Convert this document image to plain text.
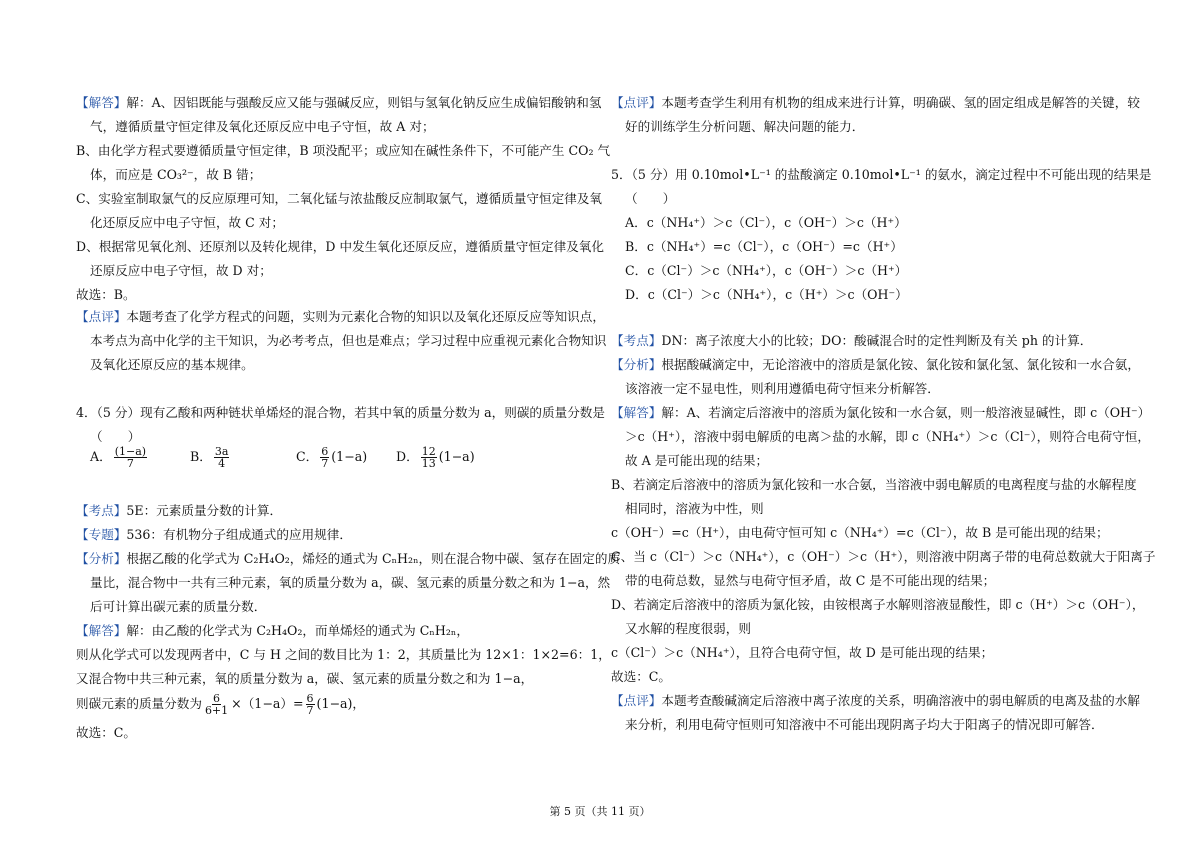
【解答】解：A、因铝既能与强酸反应又能与强碱反应，则铝与氢氧化钠反应生成偏铝酸钠和氢
气，遵循质量守恒定律及氧化还原反应中电子守恒，故 A 对；
B、由化学方程式要遵循质量守恒定律，B 项没配平；或应知在碱性条件下，不可能产生 CO₂ 气
体，而应是 CO₃²⁻，故 B 错；
C、实验室制取氯气的反应原理可知，二氧化锰与浓盐酸反应制取氯气，遵循质量守恒定律及氧
化还原反应中电子守恒，故 C 对；
D、根据常见氧化剂、还原剂以及转化规律，D 中发生氧化还原反应，遵循质量守恒定律及氧化
还原反应中电子守恒，故 D 对；
故选：B。
【点评】本题考查了化学方程式的问题，实则为元素化合物的知识以及氧化还原反应等知识点，
本考点为高中化学的主干知识，为必考考点，但也是难点；学习过程中应重视元素化合物知识
及氧化还原反应的基本规律。
4．（5 分）现有乙酸和两种链状单烯烃的混合物，若其中氧的质量分数为 a，则碳的质量分数是
（　　）
A． $\frac{(1-a)}{7}$	B． $\frac{3a}{4}$	C． $\frac{6}{7} (1-a)$ D． $\frac{12}{13} (1-a)$
【考点】5E：元素质量分数的计算．
【专题】536：有机物分子组成通式的应用规律．
【分析】根据乙酸的化学式为 C₂H₄O₂，烯烃的通式为 CₙH₂ₙ，则在混合物中碳、氢存在固定的质
量比，混合物中一共有三种元素，氧的质量分数为 a，碳、氢元素的质量分数之和为 1−a，然
后可计算出碳元素的质量分数．
【解答】解：由乙酸的化学式为 C₂H₄O₂，而单烯烃的通式为 CₙH₂ₙ，
则从化学式可以发现两者中，C 与 H 之间的数目比为 1：2，其质量比为 12×1：1×2=6：1，
又混合物中共三种元素，氧的质量分数为 a，碳、氢元素的质量分数之和为 1−a，
则碳元素的质量分数为 $\frac{6}{6+1} \times(1-a)= \frac{6}{7} (1-a)$，
故选：C。
【点评】本题考查学生利用有机物的组成来进行计算，明确碳、氢的固定组成是解答的关键，较
好的训练学生分析问题、解决问题的能力．
5．（5 分）用 0.10mol•L⁻¹ 的盐酸滴定 0.10mol•L⁻¹ 的氨水，滴定过程中不可能出现的结果是
（　　）
A．c（NH₄⁺）＞c（Cl⁻），c（OH⁻）＞c（H⁺）
B．c（NH₄⁺）=c（Cl⁻），c（OH⁻）=c（H⁺）
C．c（Cl⁻）＞c（NH₄⁺），c（OH⁻）＞c（H⁺）
D．c（Cl⁻）＞c（NH₄⁺），c（H⁺）＞c（OH⁻）
【考点】DN：离子浓度大小的比较；DO：酸碱混合时的定性判断及有关 ph 的计算．
【分析】根据酸碱滴定中，无论溶液中的溶质是氯化铵、氯化铵和氯化氢、氯化铵和一水合氨，
该溶液一定不显电性，则利用遵循电荷守恒来分析解答．
【解答】解：A、若滴定后溶液中的溶质为氯化铵和一水合氨，则一般溶液显碱性，即 c（OH⁻）
＞c（H⁺），溶液中弱电解质的电离＞盐的水解，即 c（NH₄⁺）＞c（Cl⁻），则符合电荷守恒，
故 A 是可能出现的结果；
B、若滴定后溶液中的溶质为氯化铵和一水合氨，当溶液中弱电解质的电离程度与盐的水解程度
相同时，溶液为中性，则
c（OH⁻）=c（H⁺），由电荷守恒可知 c（NH₄⁺）=c（Cl⁻），故 B 是可能出现的结果；
C、当 c（Cl⁻）＞c（NH₄⁺），c（OH⁻）＞c（H⁺），则溶液中阴离子带的电荷总数就大于阳离子
带的电荷总数，显然与电荷守恒矛盾，故 C 是不可能出现的结果；
D、若滴定后溶液中的溶质为氯化铵，由铵根离子水解则溶液显酸性，即 c（H⁺）＞c（OH⁻），
又水解的程度很弱，则
c（Cl⁻）＞c（NH₄⁺），且符合电荷守恒，故 D 是可能出现的结果；
故选：C。
【点评】本题考查酸碱滴定后溶液中离子浓度的关系，明确溶液中的弱电解质的电离及盐的水解
来分析，利用电荷守恒则可知溶液中不可能出现阴离子均大于阳离子的情况即可解答．
第 5 页（共 11 页）
